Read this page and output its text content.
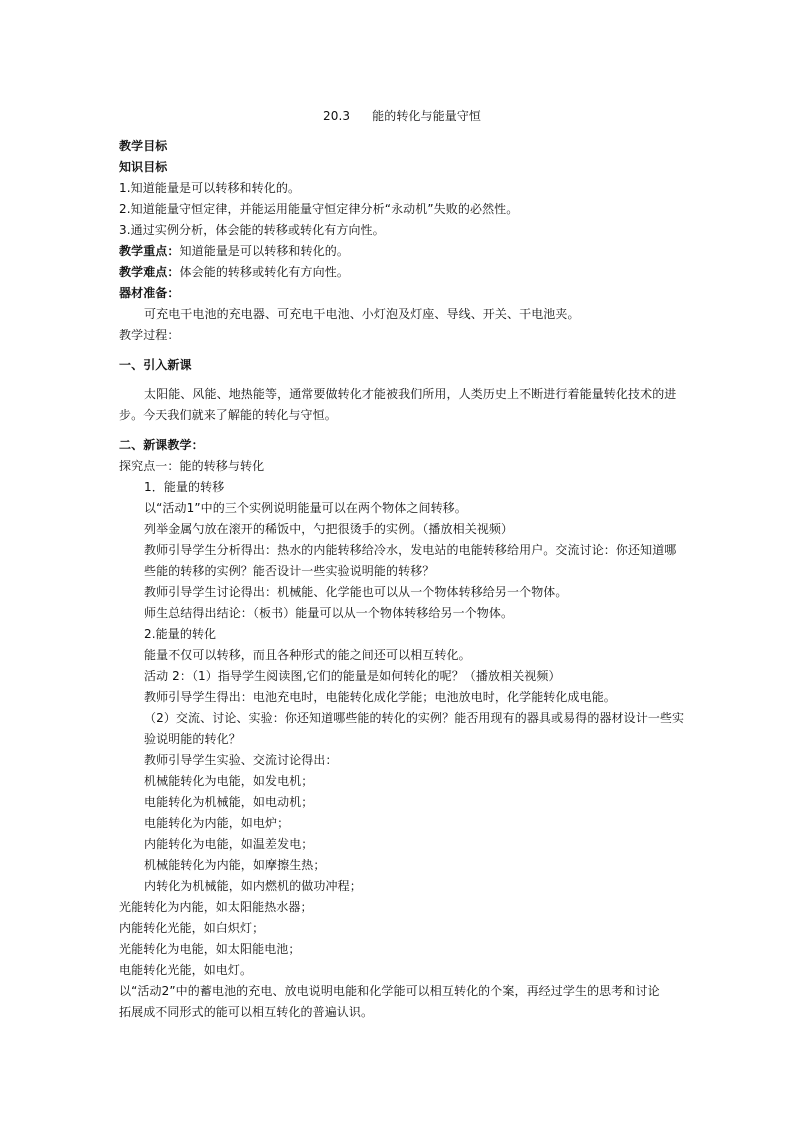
20.3 能的转化与能量守恒
教学目标
知识目标
1.知道能量是可以转移和转化的。
2.知道能量守恒定律，并能运用能量守恒定律分析“永动机”失败的必然性。
3.通过实例分析，体会能的转移或转化有方向性。
教学重点：知道能量是可以转移和转化的。
教学难点：体会能的转移或转化有方向性。
器材准备：
可充电干电池的充电器、可充电干电池、小灯泡及灯座、导线、开关、干电池夹。
教学过程：
一、引入新课
太阳能、风能、地热能等，通常要做转化才能被我们所用，人类历史上不断进行着能量转化技术的进
步。今天我们就来了解能的转化与守恒。
二、新课教学：
探究点一：能的转移与转化
1．能量的转移
以“活动1”中的三个实例说明能量可以在两个物体之间转移。
列举金属勺放在滚开的稀饭中，勺把很烫手的实例。（播放相关视频）
教师引导学生分析得出：热水的内能转移给冷水，发电站的电能转移给用户。交流讨论：你还知道哪
些能的转移的实例？能否设计一些实验说明能的转移？
教师引导学生讨论得出：机械能、化学能也可以从一个物体转移给另一个物体。
师生总结得出结论：（板书）能量可以从一个物体转移给另一个物体。
2.能量的转化
能量不仅可以转移，而且各种形式的能之间还可以相互转化。
活动 2：（1）指导学生阅读图,它们的能量是如何转化的呢？（播放相关视频）
教师引导学生得出：电池充电时，电能转化成化学能；电池放电时，化学能转化成电能。
（2）交流、讨论、实验：你还知道哪些能的转化的实例？能否用现有的器具或易得的器材设计一些实
验说明能的转化？
教师引导学生实验、交流讨论得出：
机械能转化为电能，如发电机；
电能转化为机械能，如电动机；
电能转化为内能，如电炉；
内能转化为电能，如温差发电；
机械能转化为内能，如摩擦生热；
内转化为机械能，如内燃机的做功冲程；
光能转化为内能，如太阳能热水器；
内能转化光能，如白炽灯；
光能转化为电能，如太阳能电池；
电能转化光能，如电灯。
以“活动2”中的蓄电池的充电、放电说明电能和化学能可以相互转化的个案，再经过学生的思考和讨论
拓展成不同形式的能可以相互转化的普遍认识。
